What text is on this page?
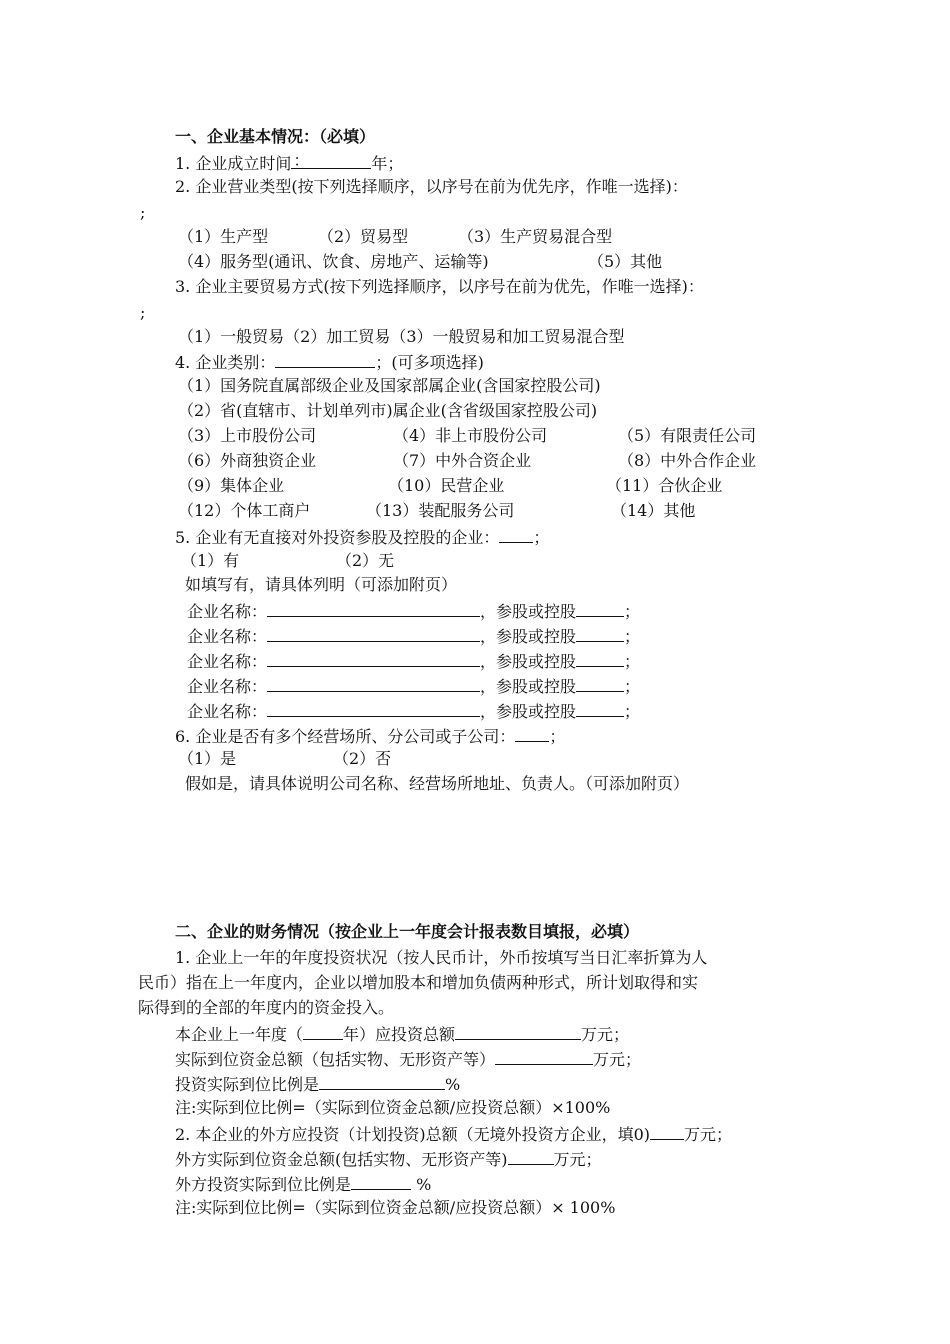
一、企业基本情况：（必填）
1. 企业成立时间 ：	年；
2. 企业营业类型(按下列选择顺序，以序号在前为优先序，作唯一选择)：
;
（1）生产型	（2）贸易型	（3）生产贸易混合型
（4）服务型(通讯、饮食、房地产、运输等)	（5）其他
3. 企业主要贸易方式(按下列选择顺序，以序号在前为优先，作唯一选择)：
;
（1）一般贸易（2）加工贸易（3）一般贸易和加工贸易混合型
4. 企业类别：	；(可多项选择)
（1）国务院直属部级企业及国家部属企业(含国家控股公司)
（2）省(直辖市、计划单列市)属企业(含省级国家控股公司)
（3）上市股份公司	（4）非上市股份公司	（5）有限责任公司
（6）外商独资企业	（7）中外合资企业	（8）中外合作企业
（9）集体企业	（10）民营企业	（11）合伙企业
（12）个体工商户	（13）装配服务公司	（14）其他
5. 企业有无直接对外投资参股及控股的企业： ；
（1）有	（2）无
如填写有，请具体列明（可添加附页）
企业名称：	，参股或控股	；
企业名称：	，参股或控股	；
企业名称：	，参股或控股	；
企业名称：	，参股或控股	；
企业名称：	，参股或控股	；
6. 企业是否有多个经营场所、分公司或子公司： ；
（1）是	（2）否
假如是，请具体说明公司名称、经营场所地址、负责人。（可添加附页）
二、企业的财务情况（按企业上一年度会计报表数目填报，必填）
1. 企业上一年的年度投资状况（按人民币计，外币按填写当日汇率折算为人
民币）指在上一年度内，企业以增加股本和增加负债两种形式，所计划取得和实
际得到的全部的年度内的资金投入。
本企业上一年度（	年）应投资总额	万元；
实际到位资金总额（包括实物、无形资产等）	万元；
投资实际到位比例是	%
注:实际到位比例=（实际到位资金总额/应投资总额）×100%
2. 本企业的外方应投资（计划投资)总额（无境外投资方企业，填0) 万元；
外方实际到位资金总额(包括实物、无形资产等)	万元；
外方投资实际到位比例是	%
注:实际到位比例=（实际到位资金总额/应投资总额）× 100%
